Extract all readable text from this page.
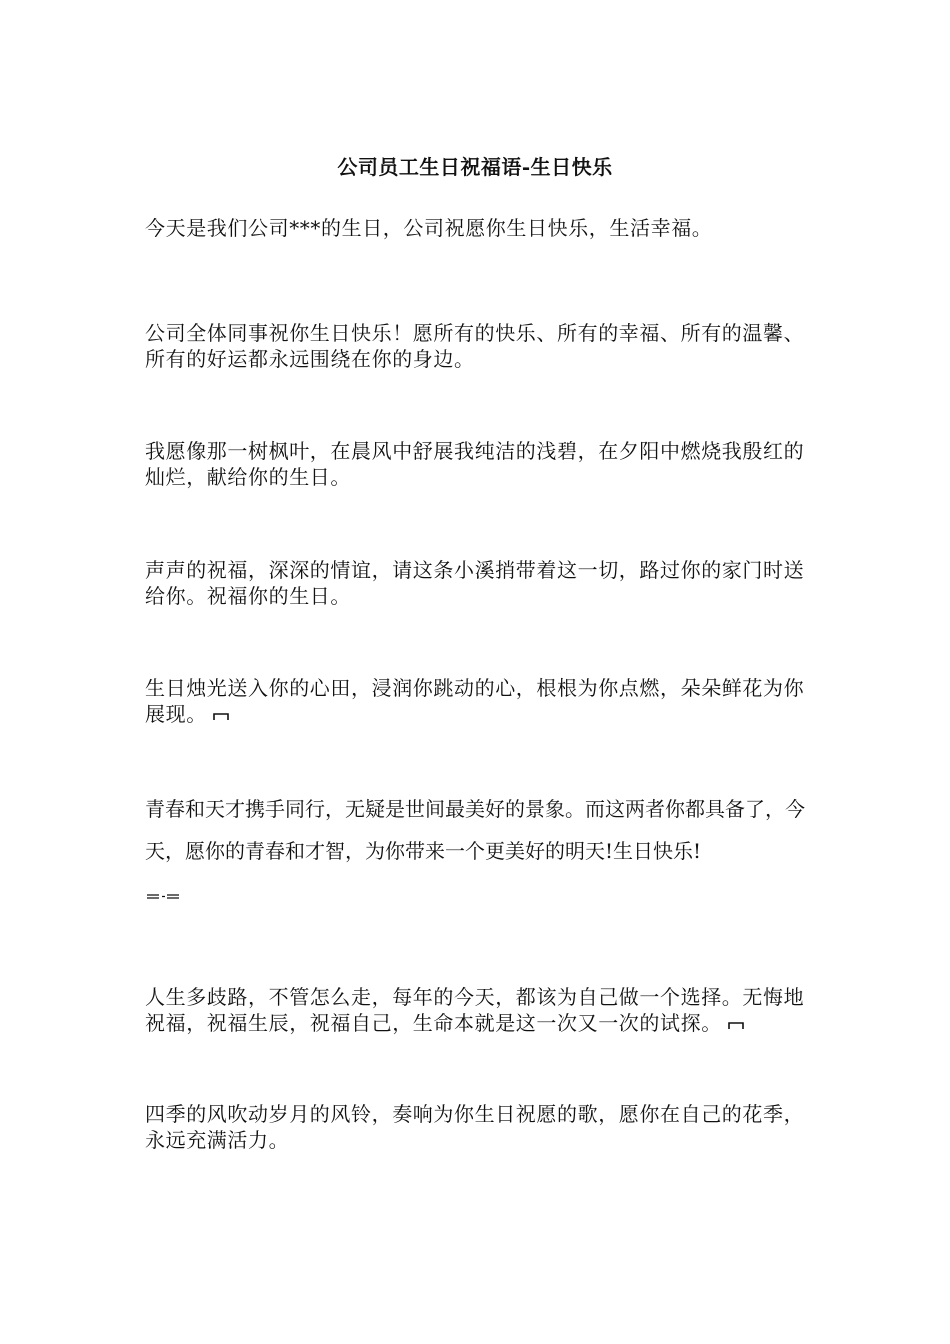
公司员工生日祝福语-生日快乐

今天是我们公司***的生日，公司祝愿你生日快乐，生活幸福。

公司全体同事祝你生日快乐！愿所有的快乐、所有的幸福、所有的温馨、所有的好运都永远围绕在你的身边。

我愿像那一树枫叶，在晨风中舒展我纯洁的浅碧，在夕阳中燃烧我殷红的灿烂，献给你的生日。

声声的祝福，深深的情谊，请这条小溪捎带着这一切，路过你的家门时送给你。祝福你的生日。

生日烛光送入你的心田，浸润你跳动的心，根根为你点燃，朵朵鲜花为你展现。

青春和天才携手同行，无疑是世间最美好的景象。而这两者你都具备了，今天，愿你的青春和才智，为你带来一个更美好的明天!生日快乐!

人生多歧路，不管怎么走，每年的今天，都该为自己做一个选择。无悔地祝福，祝福生辰，祝福自己，生命本就是这一次又一次的试探。

四季的风吹动岁月的风铃，奏响为你生日祝愿的歌，愿你在自己的花季，永远充满活力。
